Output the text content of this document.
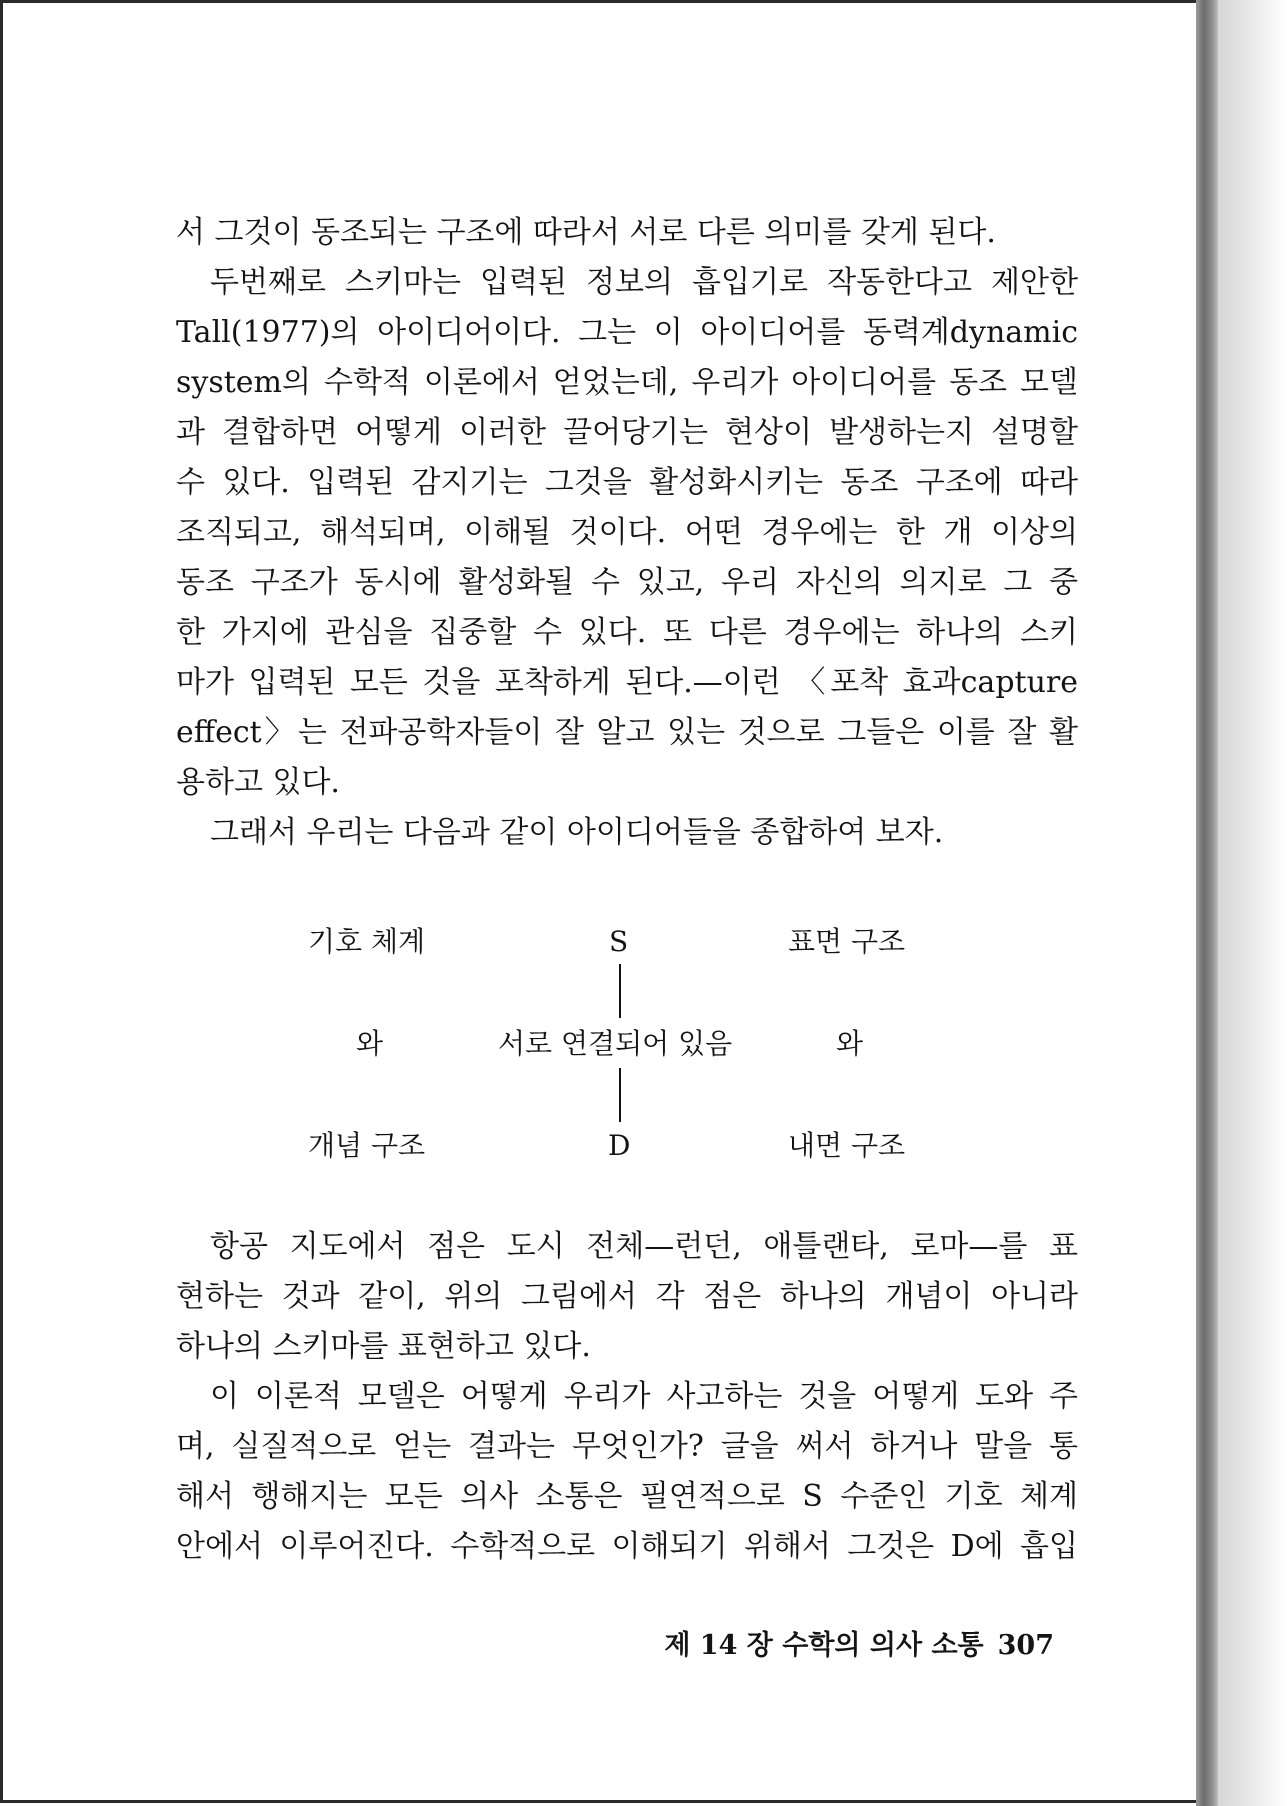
서 그것이 동조되는 구조에 따라서 서로 다른 의미를 갖게 된다.
두번째로 스키마는 입력된 정보의 흡입기로 작동한다고 제안한
Tall(1977)의 아이디어이다. 그는 이 아이디어를 동력계dynamic
system의 수학적 이론에서 얻었는데, 우리가 아이디어를 동조 모델
과 결합하면 어떻게 이러한 끌어당기는 현상이 발생하는지 설명할
수 있다. 입력된 감지기는 그것을 활성화시키는 동조 구조에 따라
조직되고, 해석되며, 이해될 것이다. 어떤 경우에는 한 개 이상의
동조 구조가 동시에 활성화될 수 있고, 우리 자신의 의지로 그 중
한 가지에 관심을 집중할 수 있다. 또 다른 경우에는 하나의 스키
마가 입력된 모든 것을 포착하게 된다.—이런 〈포착 효과capture
effect〉는 전파공학자들이 잘 알고 있는 것으로 그들은 이를 잘 활
용하고 있다.
그래서 우리는 다음과 같이 아이디어들을 종합하여 보자.
항공 지도에서 점은 도시 전체—런던, 애틀랜타, 로마—를 표
현하는 것과 같이, 위의 그림에서 각 점은 하나의 개념이 아니라
하나의 스키마를 표현하고 있다.
이 이론적 모델은 어떻게 우리가 사고하는 것을 어떻게 도와 주
며, 실질적으로 얻는 결과는 무엇인가? 글을 써서 하거나 말을 통
해서 행해지는 모든 의사 소통은 필연적으로 S 수준인 기호 체계
안에서 이루어진다. 수학적으로 이해되기 위해서 그것은 D에 흡입
기호 체계	S	표면 구조
와	서로 연결되어 있음	와
개념 구조	D	내면 구조
제 14 장 수학의 의사 소통 307
